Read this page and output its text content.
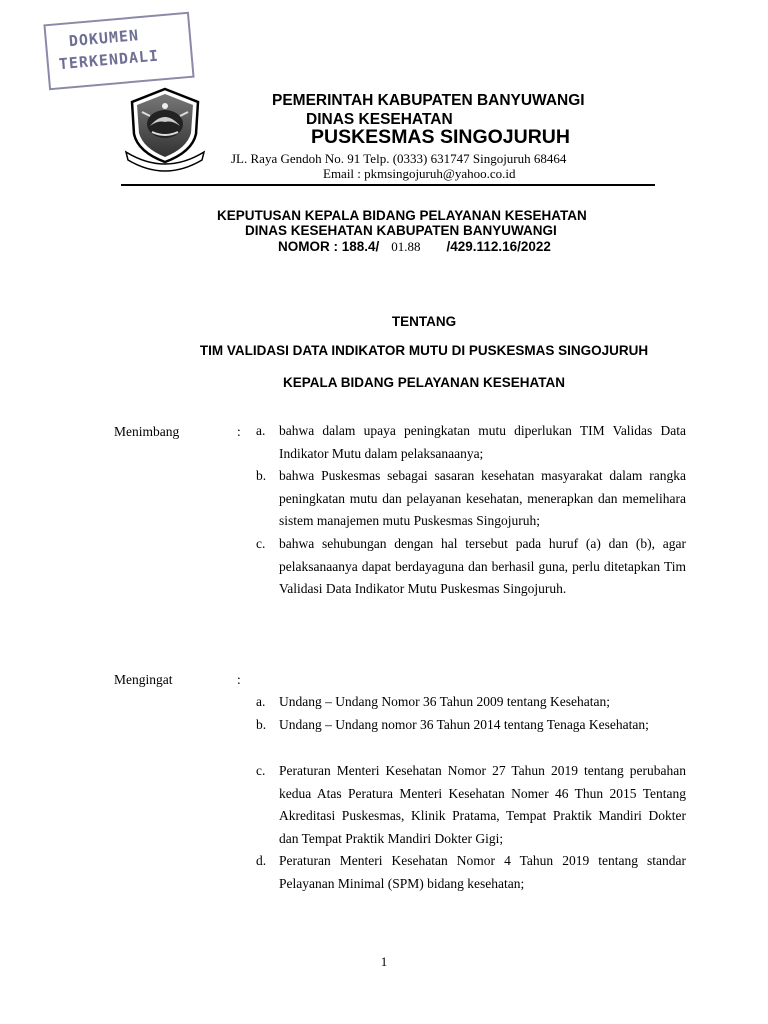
DOKUMEN
TERKENDALI
PEMERINTAH KABUPATEN BANYUWANGI
DINAS KESEHATAN
PUSKESMAS SINGOJURUH
JL. Raya Gendoh No. 91 Telp. (0333) 631747 Singojuruh 68464
Email : pkmsingojuruh@yahoo.co.id
KEPUTUSAN KEPALA BIDANG PELAYANAN KESEHATAN
DINAS KESEHATAN KABUPATEN BANYUWANGI
NOMOR : 188.4/ 01.88 /429.112.16/2022
TENTANG
TIM VALIDASI DATA INDIKATOR MUTU DI PUSKESMAS SINGOJURUH
KEPALA BIDANG PELAYANAN KESEHATAN
Menimbang	: a. bahwa dalam upaya peningkatan mutu diperlukan TIM Validas Data Indikator Mutu dalam pelaksanaanya;
b. bahwa Puskesmas sebagai sasaran kesehatan masyarakat dalam rangka peningkatan mutu dan pelayanan kesehatan, menerapkan dan memelihara sistem manajemen mutu Puskesmas Singojuruh;
c. bahwa sehubungan dengan hal tersebut pada huruf (a) dan (b), agar pelaksanaanya dapat berdayaguna dan berhasil guna, perlu ditetapkan Tim Validasi Data Indikator Mutu Puskesmas Singojuruh.
Mengingat	:
a. Undang – Undang Nomor 36 Tahun 2009 tentang Kesehatan;
b. Undang – Undang nomor 36 Tahun 2014 tentang Tenaga Kesehatan;
c. Peraturan Menteri Kesehatan Nomor 27 Tahun 2019 tentang perubahan kedua Atas Peratura Menteri Kesehatan Nomer 46 Thun 2015 Tentang Akreditasi Puskesmas, Klinik Pratama, Tempat Praktik Mandiri Dokter dan Tempat Praktik Mandiri Dokter Gigi;
d. Peraturan Menteri Kesehatan Nomor 4 Tahun 2019 tentang standar Pelayanan Minimal (SPM) bidang kesehatan;
1
